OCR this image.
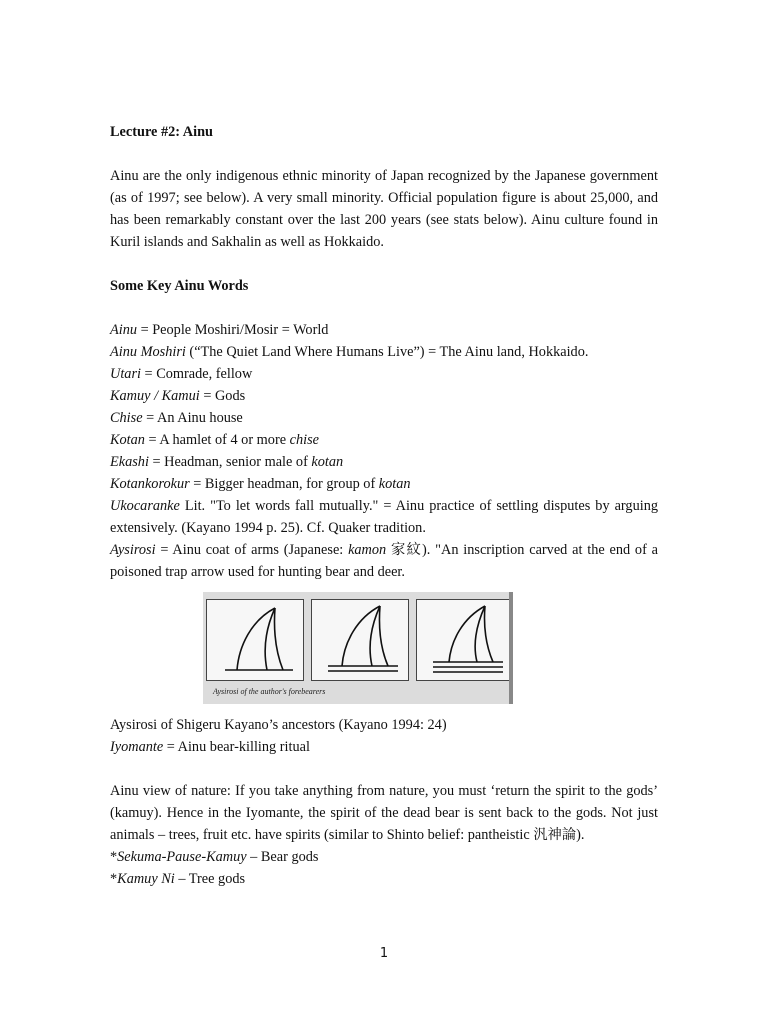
Lecture #2: Ainu

Ainu are the only indigenous ethnic minority of Japan recognized by the Japanese government (as of 1997; see below). A very small minority. Official population figure is about 25,000, and has been remarkably constant over the last 200 years (see stats below). Ainu culture found in Kuril islands and Sakhalin as well as Hokkaido.

Some Key Ainu Words

Ainu = People Moshiri/Mosir = World

Ainu Moshiri (“The Quiet Land Where Humans Live”) = The Ainu land, Hokkaido.

Utari = Comrade, fellow

Kamuy / Kamui = Gods

Chise = An Ainu house

Kotan = A hamlet of 4 or more chise

Ekashi = Headman, senior male of kotan

Kotankorokur = Bigger headman, for group of kotan

Ukocaranke Lit. "To let words fall mutually." = Ainu practice of settling disputes by arguing extensively. (Kayano 1994 p. 25). Cf. Quaker tradition.

Aysirosi = Ainu coat of arms (Japanese: kamon 家紋). "An inscription carved at the end of a poisoned trap arrow used for hunting bear and deer.

Aysirosi of the author's forebearers

Aysirosi of Shigeru Kayano’s ancestors (Kayano 1994: 24)

Iyomante = Ainu bear-killing ritual

Ainu view of nature: If you take anything from nature, you must ‘return the spirit to the gods’ (kamuy). Hence in the Iyomante, the spirit of the dead bear is sent back to the gods. Not just animals – trees, fruit etc. have spirits (similar to Shinto belief: pantheistic 汎神論).

*Sekuma-Pause-Kamuy – Bear gods

*Kamuy Ni – Tree gods

1
